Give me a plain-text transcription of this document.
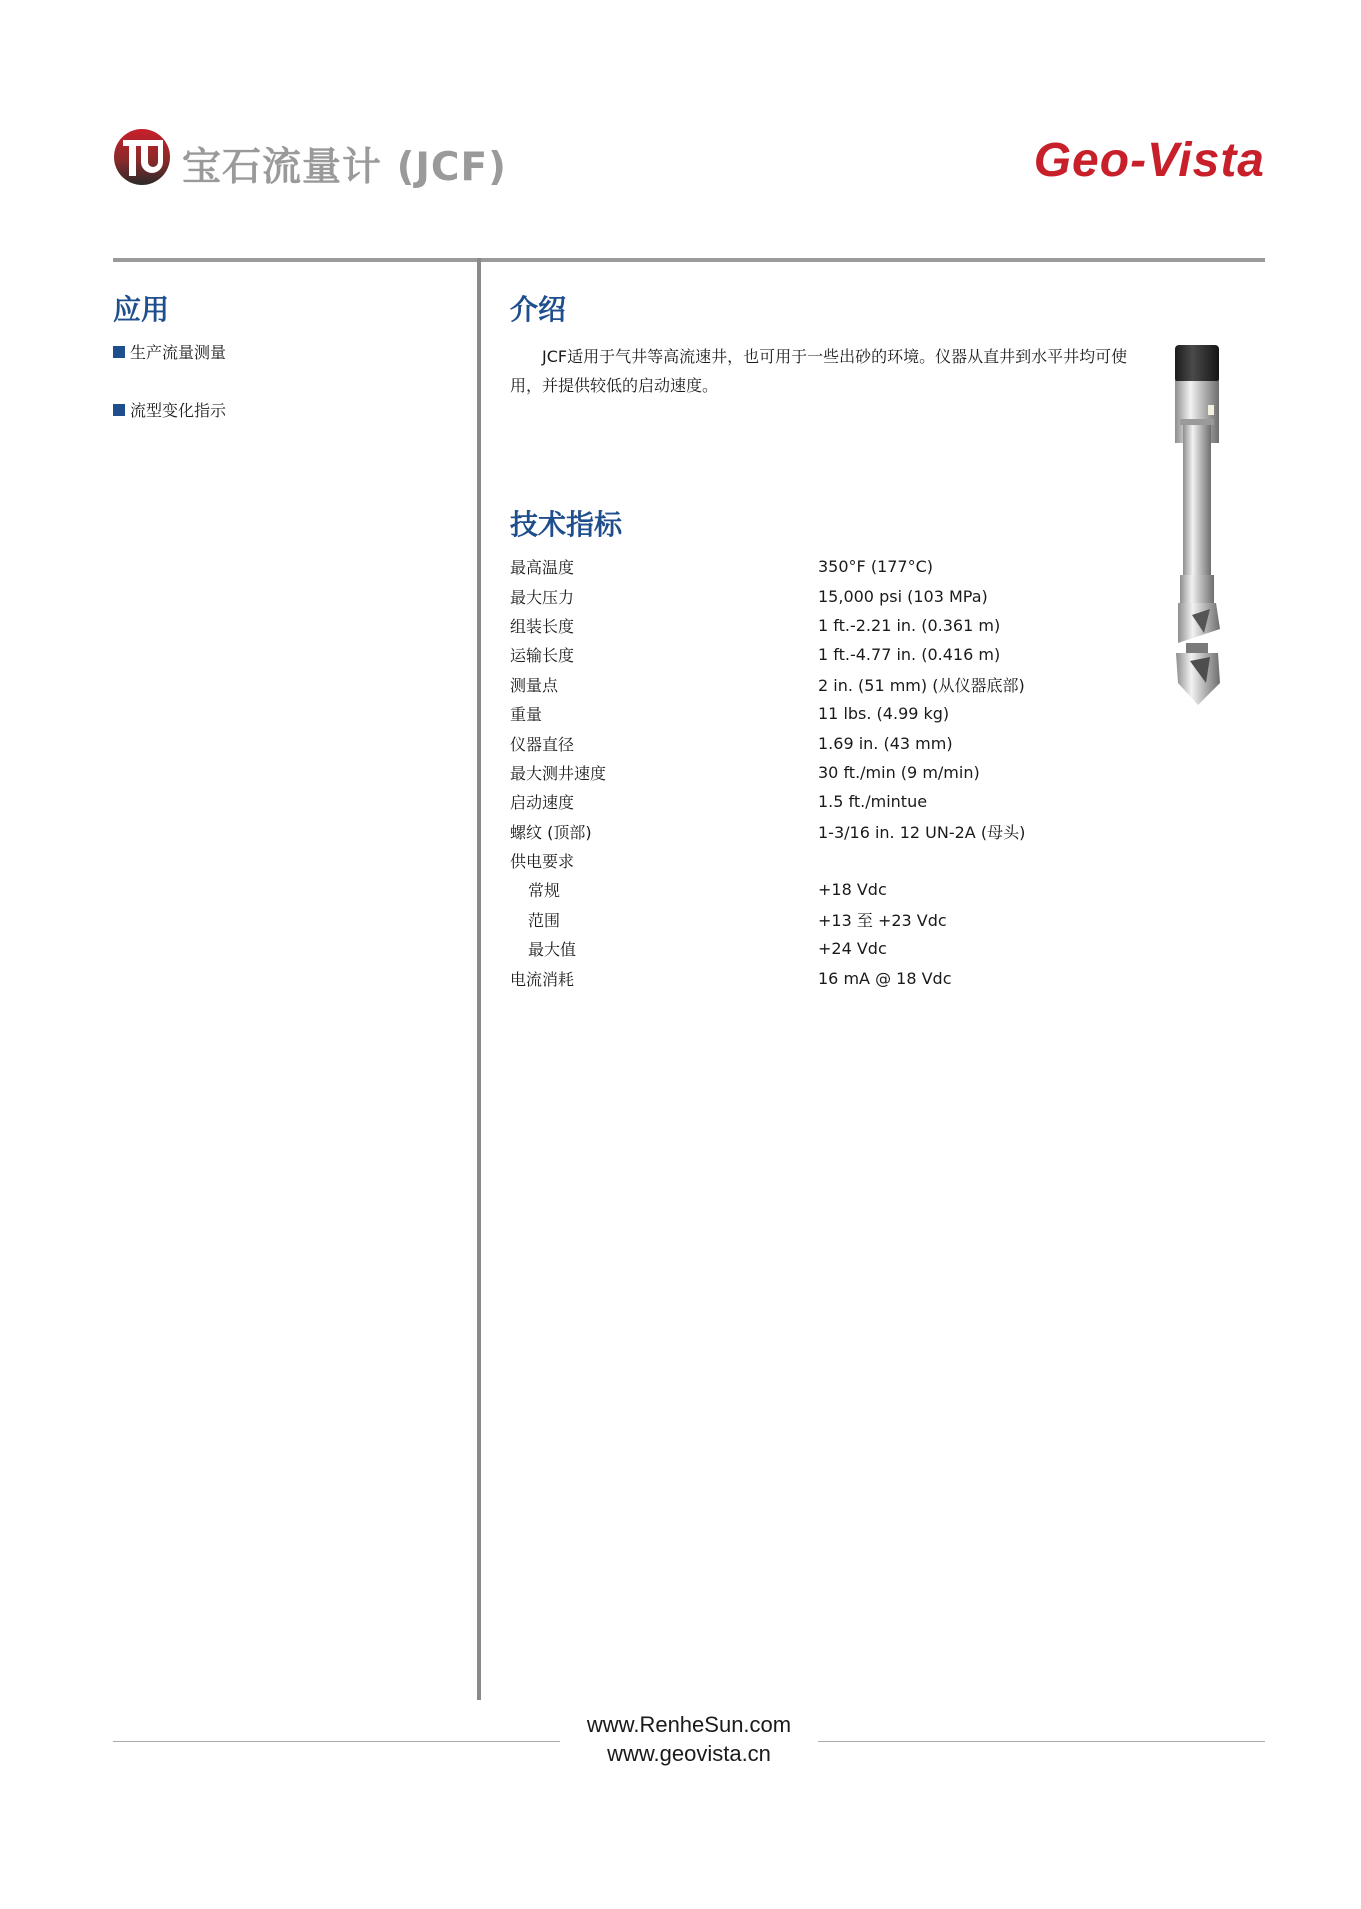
宝石流量计 (JCF)	Geo-Vista
应用
生产流量测量
流型变化指示
介绍
JCF适用于气井等高流速井，也可用于一些出砂的环境。仪器从直井到水平井均可使用，并提供较低的启动速度。
技术指标
最高温度	350°F (177°C)
最大压力	15,000 psi (103 MPa)
组装长度	1 ft.-2.21 in. (0.361 m)
运输长度	1 ft.-4.77 in. (0.416 m)
测量点	2 in. (51 mm) (从仪器底部)
重量	11 lbs. (4.99 kg)
仪器直径	1.69 in. (43 mm)
最大测井速度	30 ft./min (9 m/min)
启动速度	1.5 ft./mintue
螺纹 (顶部)	1-3/16 in. 12 UN-2A (母头)
供电要求
常规	+18 Vdc
范围	+13 至 +23 Vdc
最大值	+24 Vdc
电流消耗	16 mA @ 18 Vdc
www.RenheSun.com
www.geovista.cn
